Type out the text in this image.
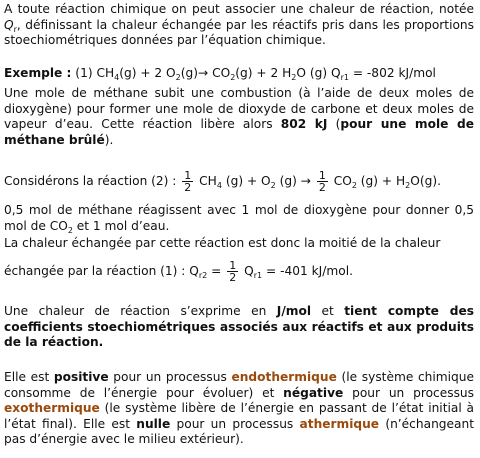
A toute réaction chimique on peut associer une chaleur de réaction, notée $Q_r$, définissant la chaleur échangée par les réactifs pris dans les proportions stoechiométriques données par l’équation chimique.

Exemple : (1) $CH_4(g) + 2$ $O_2(g)\to CO_2(g) + 2$ $H_2O$ (g) $Q_{r1} = -802$ kJ/mol

Une mole de méthane subit une combustion (à l’aide de deux moles de dioxygène) pour former une mole de dioxyde de carbone et deux moles de vapeur d’eau. Cette réaction libère alors 802 kJ (pour une mole de méthane brûlé).

Considérons la réaction (2) : $\frac{1}{2} CH_4$ $(g) + O_2$ $(g) \to \frac{1}{2} CO_2$ $(g) + H_2O(g)$.

0,5 mol de méthane réagissent avec 1 mol de dioxygène pour donner 0,5 mol de $CO_2$ et 1 mol d’eau.

La chaleur échangée par cette réaction est donc la moitié de la chaleur

échangée par la réaction (1) : $Q_{r2} = \frac{1}{2} Q_{r1} = -401$ kJ/mol.

Une chaleur de réaction s’exprime en J/mol et tient compte des coefficients stoechiométriques associés aux réactifs et aux produits de la réaction.

Elle est positive pour un processus endothermique (le système chimique consomme de l’énergie pour évoluer) et négative pour un processus exothermique (le système libère de l’énergie en passant de l’état initial à l’état final). Elle est nulle pour un processus athermique (n’échangeant pas d’énergie avec le milieu extérieur).
